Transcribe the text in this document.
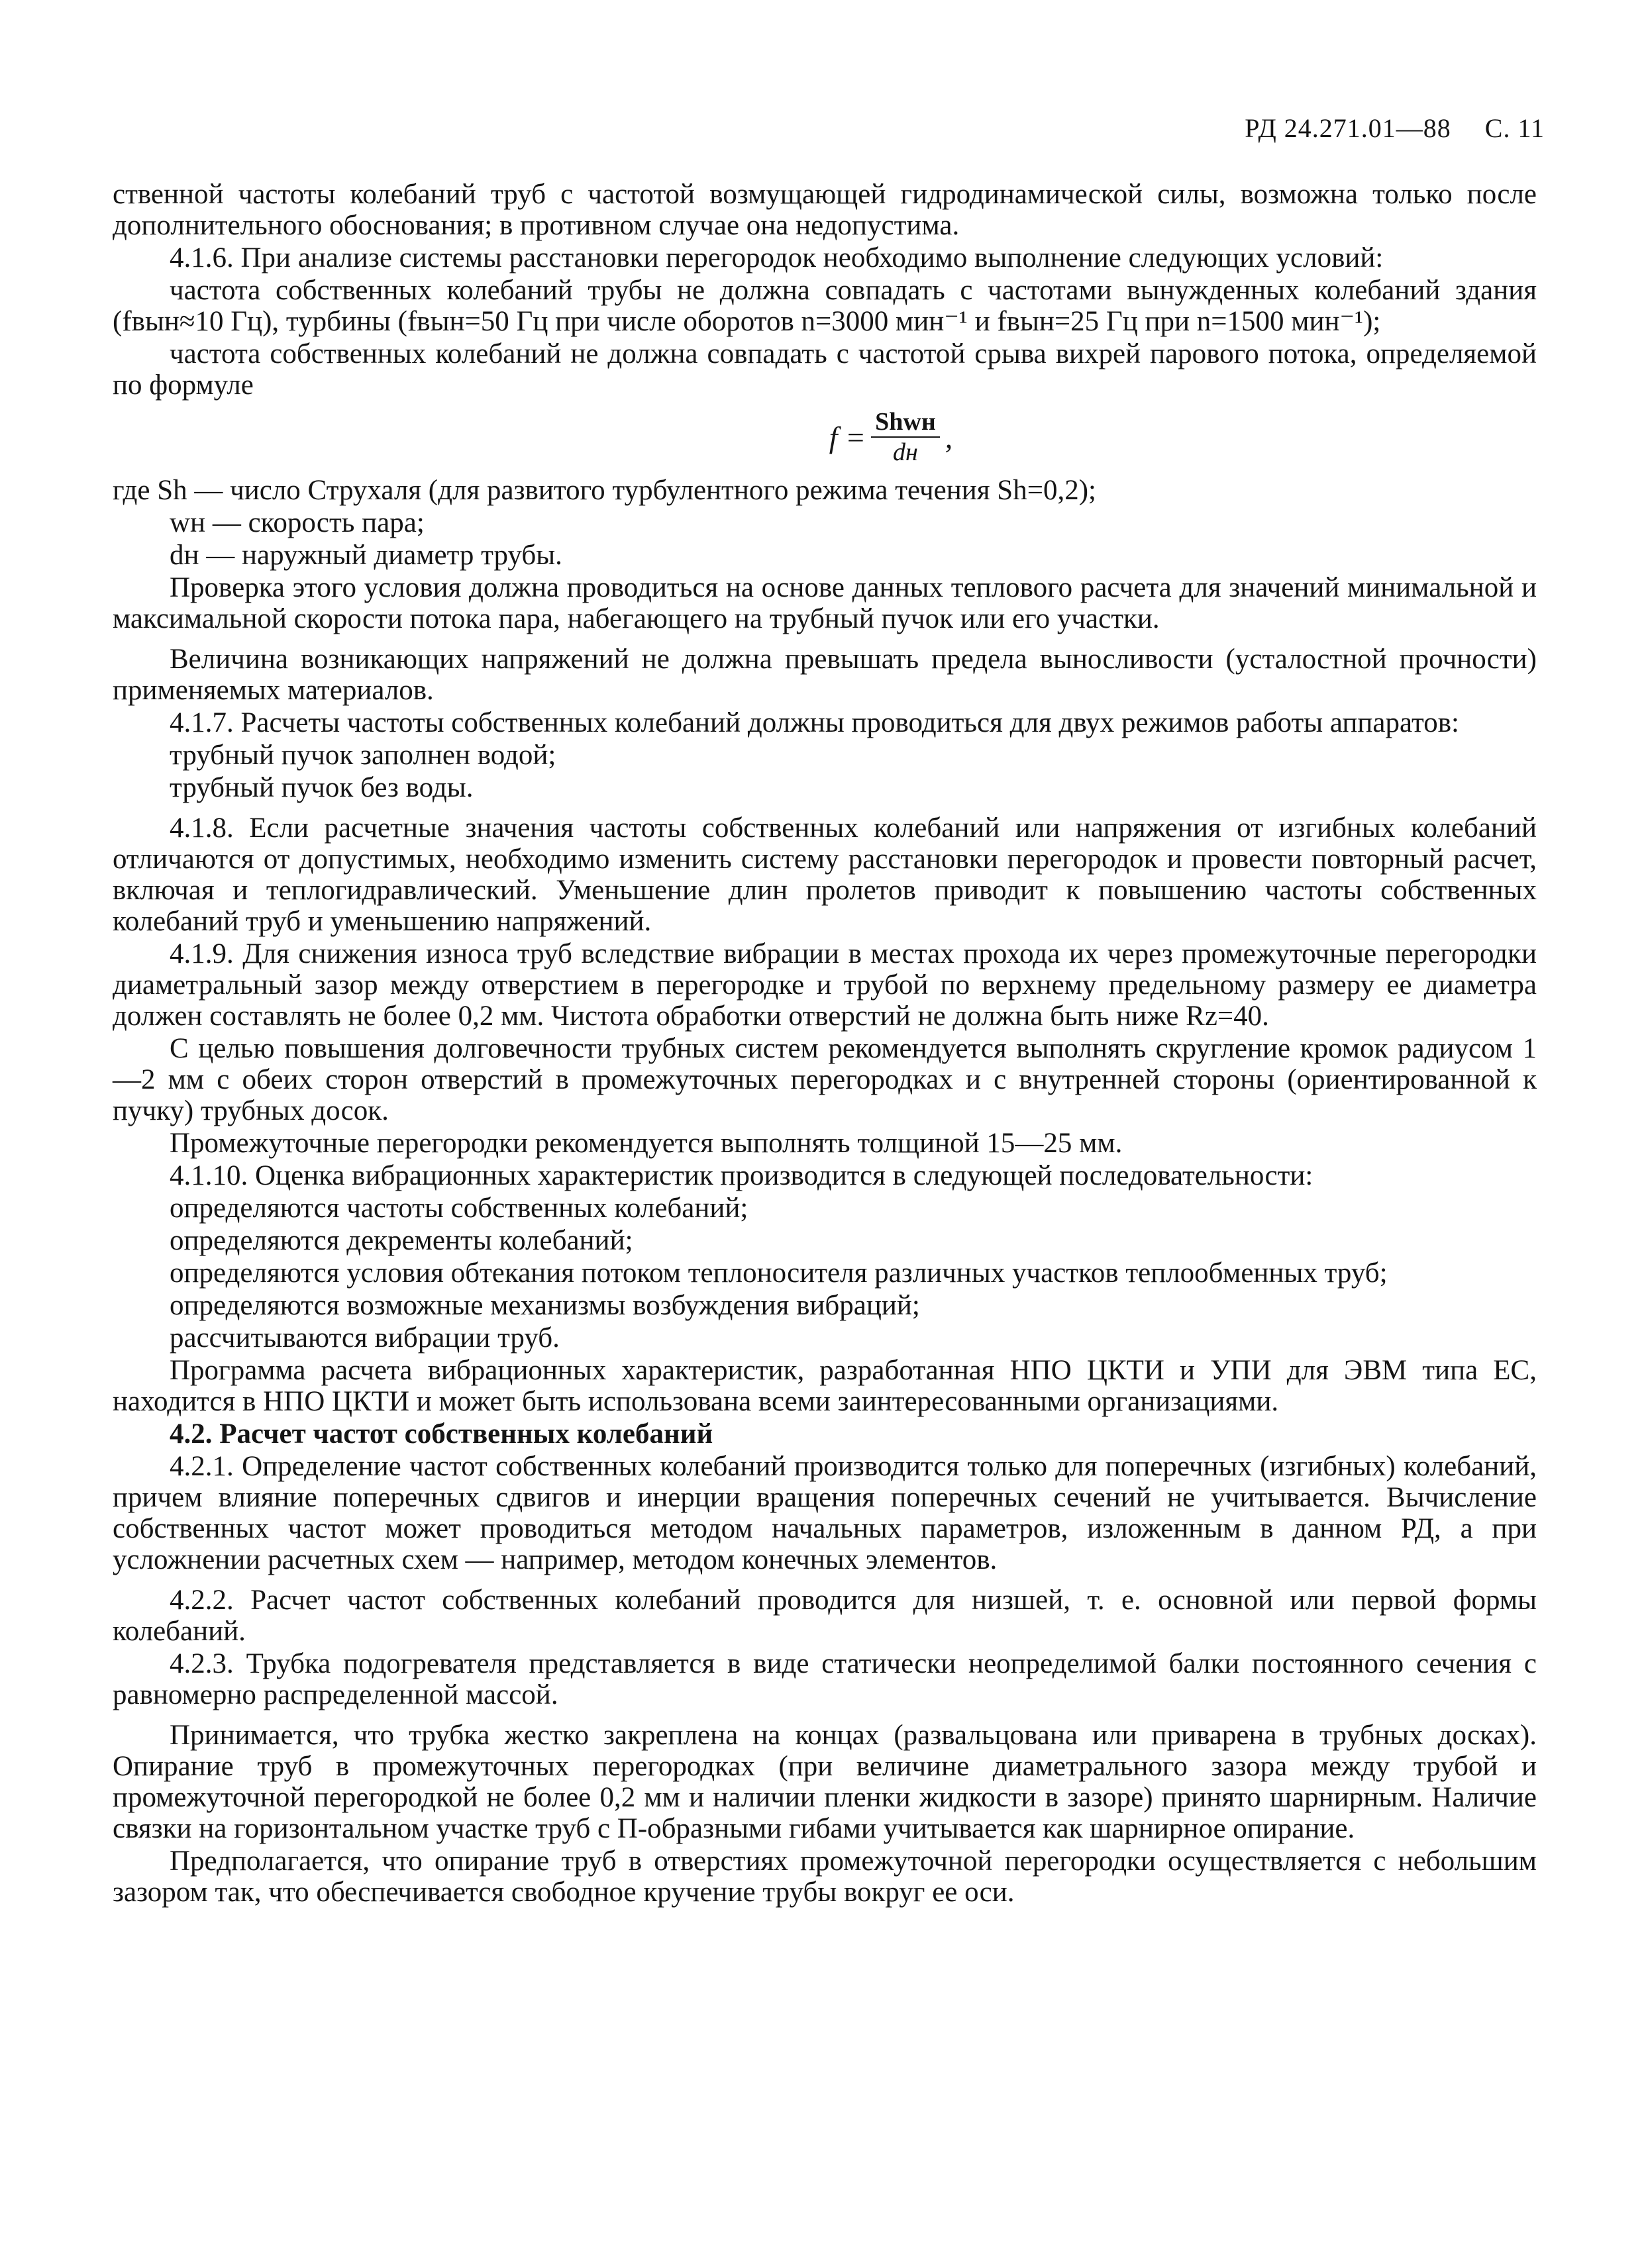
РД 24.271.01—88 С. 11

ственной частоты колебаний труб с частотой возмущающей гидродинамической силы, возможна только после дополнительного обоснования; в противном случае она недопустима.

4.1.6. При анализе системы расстановки перегородок необходимо выполнение следующих условий:

частота собственных колебаний трубы не должна совпадать с частотами вынужденных колебаний здания (fвын≈10 Гц), турбины (fвын=50 Гц при числе оборотов n=3000 мин⁻¹ и fвын=25 Гц при n=1500 мин⁻¹);

частота собственных колебаний не должна совпадать с частотой срыва вихрей парового потока, определяемой по формуле

$f = \frac{\text{Shwн}}{dн}$ ,

где Sh — число Струхаля (для развитого турбулентного режима течения Sh=0,2);

wн — скорость пара;

dн — наружный диаметр трубы.

Проверка этого условия должна проводиться на основе данных теплового расчета для значений минимальной и максимальной скорости потока пара, набегающего на трубный пучок или его участки.

Величина возникающих напряжений не должна превышать предела выносливости (усталостной прочности) применяемых материалов.

4.1.7. Расчеты частоты собственных колебаний должны проводиться для двух режимов работы аппаратов:

трубный пучок заполнен водой;

трубный пучок без воды.

4.1.8. Если расчетные значения частоты собственных колебаний или напряжения от изгибных колебаний отличаются от допустимых, необходимо изменить систему расстановки перегородок и провести повторный расчет, включая и теплогидравлический. Уменьшение длин пролетов приводит к повышению частоты собственных колебаний труб и уменьшению напряжений.

4.1.9. Для снижения износа труб вследствие вибрации в местах прохода их через промежуточные перегородки диаметральный зазор между отверстием в перегородке и трубой по верхнему предельному размеру ее диаметра должен составлять не более 0,2 мм. Чистота обработки отверстий не должна быть ниже Rz=40.

С целью повышения долговечности трубных систем рекомендуется выполнять скругление кромок радиусом 1—2 мм с обеих сторон отверстий в промежуточных перегородках и с внутренней стороны (ориентированной к пучку) трубных досок.

Промежуточные перегородки рекомендуется выполнять толщиной 15—25 мм.

4.1.10. Оценка вибрационных характеристик производится в следующей последовательности:

определяются частоты собственных колебаний;

определяются декременты колебаний;

определяются условия обтекания потоком теплоносителя различных участков теплообменных труб;

определяются возможные механизмы возбуждения вибраций;

рассчитываются вибрации труб.

Программа расчета вибрационных характеристик, разработанная НПО ЦКТИ и УПИ для ЭВМ типа ЕС, находится в НПО ЦКТИ и может быть использована всеми заинтересованными организациями.

4.2. Расчет частот собственных колебаний

4.2.1. Определение частот собственных колебаний производится только для поперечных (изгибных) колебаний, причем влияние поперечных сдвигов и инерции вращения поперечных сечений не учитывается. Вычисление собственных частот может проводиться методом начальных параметров, изложенным в данном РД, а при усложнении расчетных схем — например, методом конечных элементов.

4.2.2. Расчет частот собственных колебаний проводится для низшей, т. е. основной или первой формы колебаний.

4.2.3. Трубка подогревателя представляется в виде статически неопределимой балки постоянного сечения с равномерно распределенной массой.

Принимается, что трубка жестко закреплена на концах (развальцована или приварена в трубных досках). Опирание труб в промежуточных перегородках (при величине диаметрального зазора между трубой и промежуточной перегородкой не более 0,2 мм и наличии пленки жидкости в зазоре) принято шарнирным. Наличие связки на горизонтальном участке труб с П-образными гибами учитывается как шарнирное опирание.

Предполагается, что опирание труб в отверстиях промежуточной перегородки осуществляется с небольшим зазором так, что обеспечивается свободное кручение трубы вокруг ее оси.
